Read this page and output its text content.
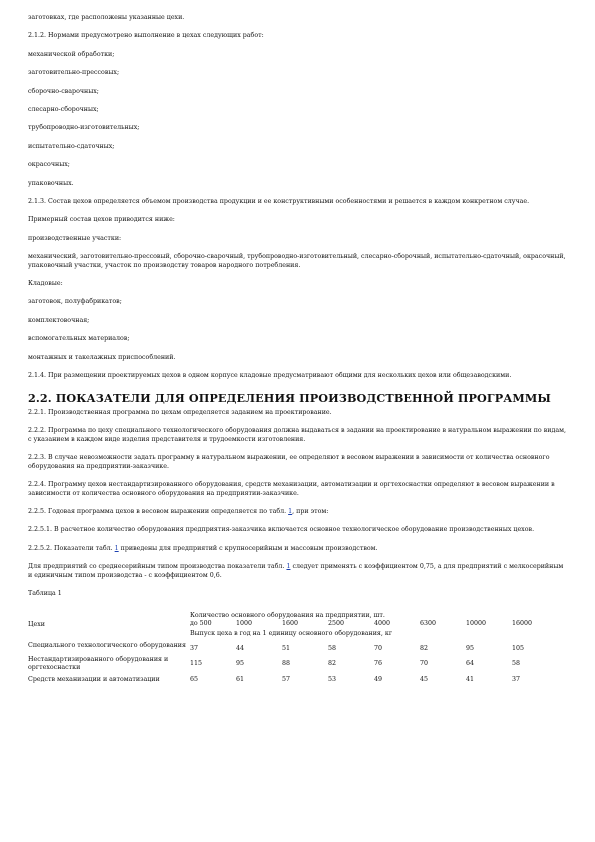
заготовках, где расположены указанные цехи.

2.1.2. Нормами предусмотрено выполнение в цехах следующих работ:

механической обработки;

заготовительно-прессовых;

сборочно-сварочных;

слесарно-сборочных;

трубопроводно-изготовительных;

испытательно-сдаточных;

окрасочных;

упаковочных.

2.1.3. Состав цехов определяется объемом производства продукции и ее конструктивными особенностями и решается в каждом конкретном случае.

Примерный состав цехов приводится ниже:

производственные участки:

механический, заготовительно-прессовый, сборочно-сварочный, трубопроводно-изготовительный, слесарно-сборочный, испытательно-сдаточный, окрасочный, упаковочный участки, участок по производству товаров народного потребления.

Кладовые:

заготовок, полуфабрикатов;

комплектовочная;

вспомогательных материалов;

монтажных и такелажных приспособлений.

2.1.4. При размещении проектируемых цехов в одном корпусе кладовые предусматривают общими для нескольких цехов или общезаводскими.

2.2. ПОКАЗАТЕЛИ ДЛЯ ОПРЕДЕЛЕНИЯ ПРОИЗВОДСТВЕННОЙ ПРОГРАММЫ

2.2.1. Производственная программа по цехам определяется заданием на проектирование.

2.2.2. Программа по цеху специального технологического оборудования должна выдаваться в задании на проектирование в натуральном выражении по видам, с указанием в каждом виде изделия представителя и трудоемкости изготовления.

2.2.3. В случае невозможности задать программу в натуральном выражении, ее определяют в весовом выражении в зависимости от количества основного оборудования на предприятии-заказчике.

2.2.4. Программу цехов нестандартизированного оборудования, средств механизации, автоматизации и оргтехоснастки определяют в весовом выражении в зависимости от количества основного оборудования на предприятии-заказчике.

2.2.5. Годовая программа цехов в весовом выражении определяется по табл. 1, при этом:

2.2.5.1. В расчетное количество оборудования предприятия-заказчика включается основное технологическое оборудование производственных цехов.

2.2.5.2. Показатели табл. 1 приведены для предприятий с крупносерийным и массовым производством.

Для предприятий со среднесерийным типом производства показатели табл. 1 следует применять с коэффициентом 0,75, а для предприятий с мелкосерийным и единичным типом производства - с коэффициентом 0,6.

Таблица 1

Цехи	Количество основного оборудования на предприятии, шт.							
	до 500	1000	1600	2500	4000	6300	10000	16000
	Выпуск цеха в год на 1 единицу основного оборудования, кг							
Специального технологического оборудования	37	44	51	58	70	82	95	105
Нестандартизированного оборудования и оргтехоснастки	115	95	88	82	76	70	64	58
Средств механизации и автоматизации	65	61	57	53	49	45	41	37
